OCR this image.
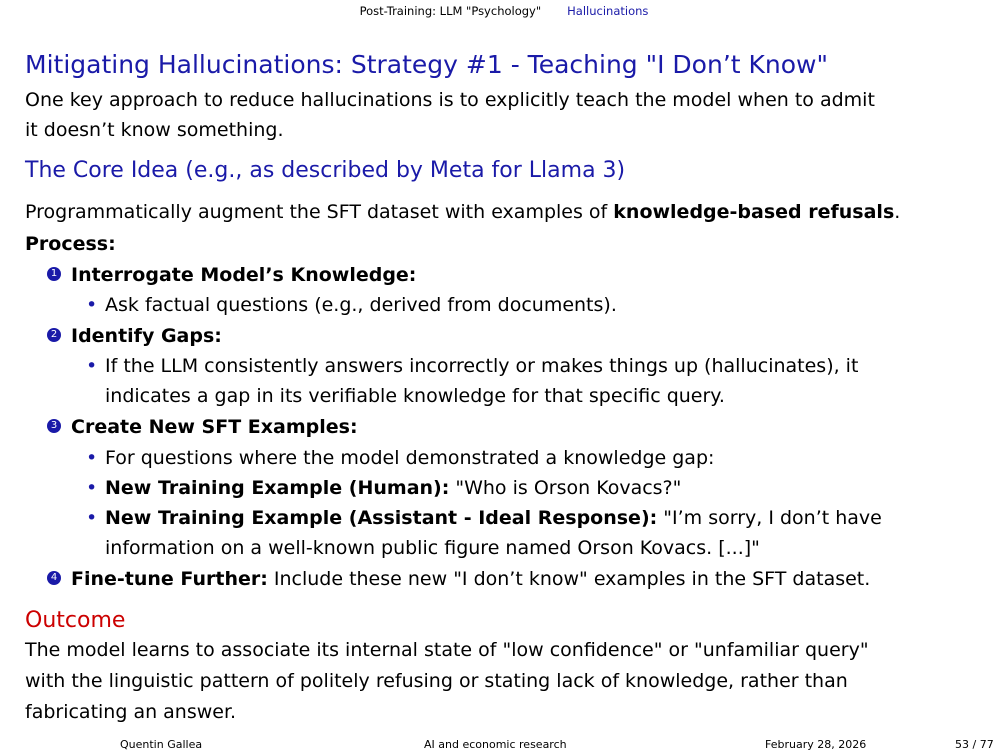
Post-Training: LLM "Psychology" Hallucinations
Mitigating Hallucinations: Strategy #1 - Teaching "I Don’t Know"
One key approach to reduce hallucinations is to explicitly teach the model when to admit
it doesn’t know something.
The Core Idea (e.g., as described by Meta for Llama 3)
Programmatically augment the SFT dataset with examples of knowledge-based refusals.
Process:
1 Interrogate Model’s Knowledge:
• Ask factual questions (e.g., derived from documents).
2 Identify Gaps:
• If the LLM consistently answers incorrectly or makes things up (hallucinates), it
indicates a gap in its verifiable knowledge for that specific query.
3 Create New SFT Examples:
• For questions where the model demonstrated a knowledge gap:
• New Training Example (Human): "Who is Orson Kovacs?"
• New Training Example (Assistant - Ideal Response): "I’m sorry, I don’t have
information on a well-known public figure named Orson Kovacs. [...]"
4 Fine-tune Further: Include these new "I don’t know" examples in the SFT dataset.
Outcome
The model learns to associate its internal state of "low confidence" or "unfamiliar query"
with the linguistic pattern of politely refusing or stating lack of knowledge, rather than
fabricating an answer.
Quentin Gallea	AI and economic research	February 28, 2026	53 / 77
